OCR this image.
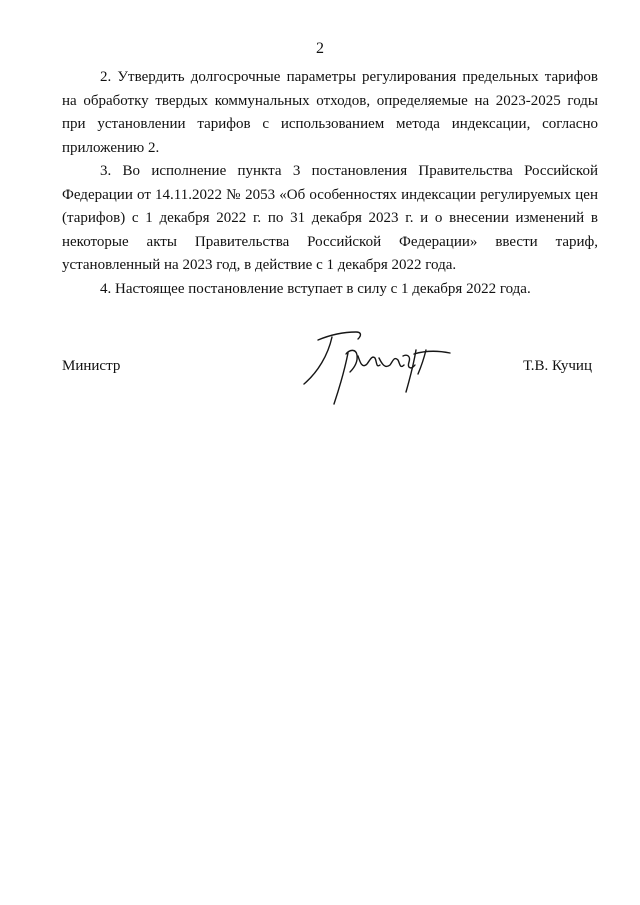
2

2. Утвердить долгосрочные параметры регулирования предельных тарифов на обработку твердых коммунальных отходов, определяемые на 2023-2025 годы при установлении тарифов с использованием метода индексации, согласно приложению 2.

3. Во исполнение пункта 3 постановления Правительства Российской Федерации от 14.11.2022 № 2053 «Об особенностях индексации регулируемых цен (тарифов) с 1 декабря 2022 г. по 31 декабря 2023 г. и о внесении изменений в некоторые акты Правительства Российской Федерации» ввести тариф, установленный на 2023 год, в действие с 1 декабря 2022 года.

4. Настоящее постановление вступает в силу с 1 декабря 2022 года.

Министр	Т.В. Кучиц
